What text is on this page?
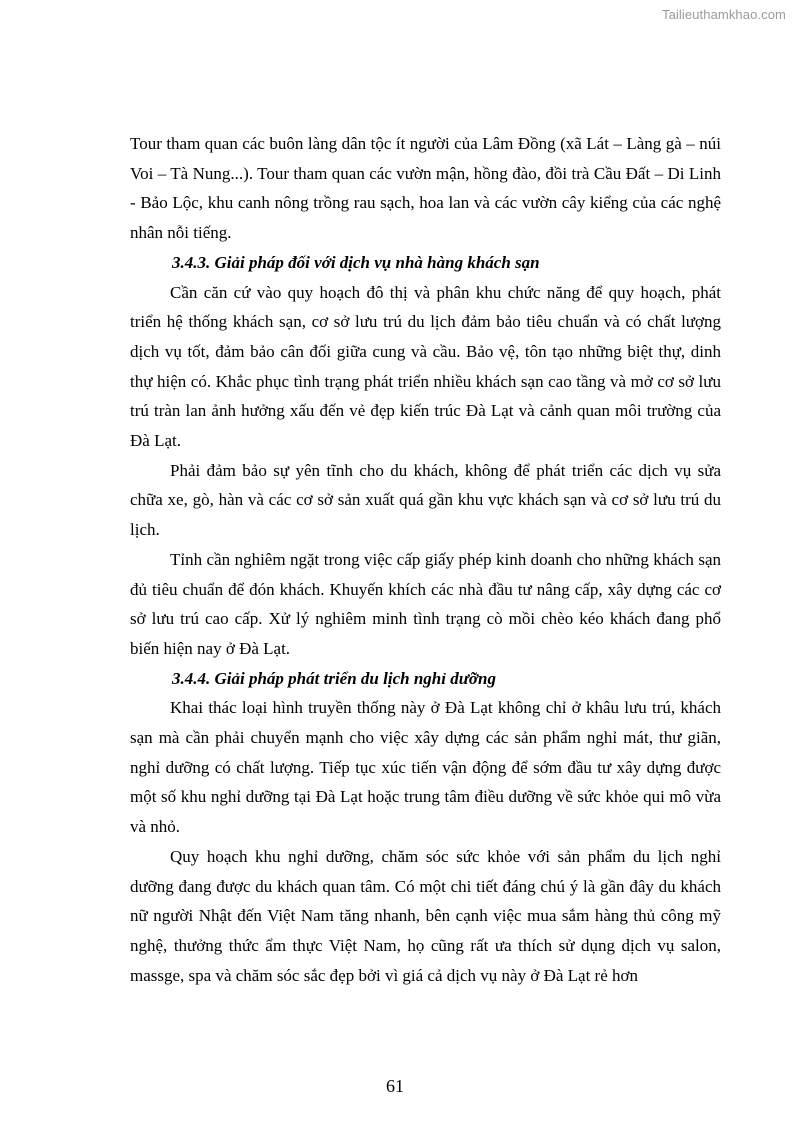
Tailieuthamkhao.com

Tour tham quan các buôn làng dân tộc ít người của Lâm Đồng (xã Lát – Làng gà – núi Voi – Tà Nung...). Tour tham quan các vườn mận, hồng đào, đồi trà Cầu Đất – Di Linh - Bảo Lộc, khu canh nông trồng rau sạch, hoa lan và các vườn cây kiểng của các nghệ nhân nỗi tiếng.

3.4.3. Giải pháp đối với dịch vụ nhà hàng khách sạn

Cần căn cứ vào quy hoạch đô thị và phân khu chức năng để quy hoạch, phát triển hệ thống khách sạn, cơ sở lưu trú du lịch đảm bảo tiêu chuẩn và có chất lượng dịch vụ tốt, đảm bảo cân đối giữa cung và cầu. Bảo vệ, tôn tạo những biệt thự, dinh thự hiện có. Khắc phục tình trạng phát triển nhiều khách sạn cao tầng và mở cơ sở lưu trú tràn lan ảnh hưởng xấu đến vẻ đẹp kiến trúc Đà Lạt và cảnh quan môi trường của Đà Lạt.

Phải đảm bảo sự yên tĩnh cho du khách, không để phát triển các dịch vụ sửa chữa xe, gò, hàn và các cơ sở sản xuất quá gần khu vực khách sạn và cơ sở lưu trú du lịch.

Tỉnh cần nghiêm ngặt trong việc cấp giấy phép kinh doanh cho những khách sạn đủ tiêu chuẩn để đón khách. Khuyến khích các nhà đầu tư nâng cấp, xây dựng các cơ sở lưu trú cao cấp. Xử lý nghiêm minh tình trạng cò mồi chèo kéo khách đang phổ biến hiện nay ở Đà Lạt.

3.4.4. Giải pháp phát triển du lịch nghỉ dưỡng

Khai thác loại hình truyền thống này ở Đà Lạt không chỉ ở khâu lưu trú, khách sạn mà cần phải chuyển mạnh cho việc xây dựng các sản phẩm nghỉ mát, thư giãn, nghỉ dưỡng có chất lượng. Tiếp tục xúc tiến vận động để sớm đầu tư xây dựng được một số khu nghỉ dưỡng tại Đà Lạt hoặc trung tâm điều dưỡng về sức khỏe qui mô vừa và nhỏ.

Quy hoạch khu nghỉ dưỡng, chăm sóc sức khỏe với sản phẩm du lịch nghỉ dưỡng đang được du khách quan tâm. Có một chi tiết đáng chú ý là gần đây du khách nữ người Nhật đến Việt Nam tăng nhanh, bên cạnh việc mua sắm hàng thủ công mỹ nghệ, thưởng thức ẩm thực Việt Nam, họ cũng rất ưa thích sử dụng dịch vụ salon, massge, spa và chăm sóc sắc đẹp bởi vì giá cả dịch vụ này ở Đà Lạt rẻ hơn

61
